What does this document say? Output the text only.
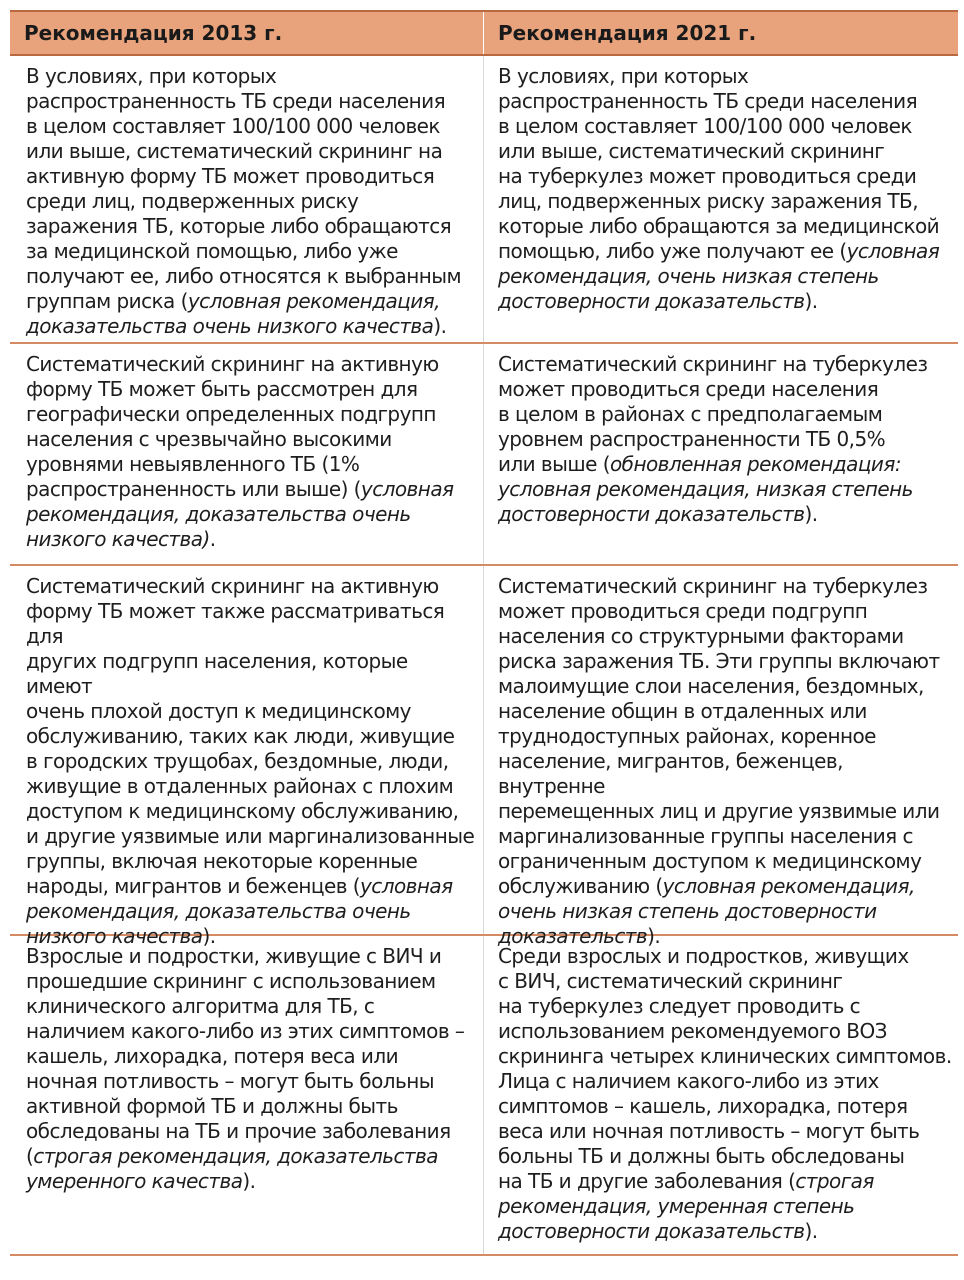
Рекомендация 2013 г.	Рекомендация 2021 г.
В условиях, при которых
распространенность ТБ среди населения
в целом составляет 100/100 000 человек
или выше, систематический скрининг на
активную форму ТБ может проводиться
среди лиц, подверженных риску
заражения ТБ, которые либо обращаются
за медицинской помощью, либо уже
получают ее, либо относятся к выбранным
группам риска (условная рекомендация,
доказательства очень низкого качества).
В условиях, при которых
распространенность ТБ среди населения
в целом составляет 100/100 000 человек
или выше, систематический скрининг
на туберкулез может проводиться среди
лиц, подверженных риску заражения ТБ,
которые либо обращаются за медицинской
помощью, либо уже получают ее (условная
рекомендация, очень низкая степень
достоверности доказательств).
Систематический скрининг на активную
форму ТБ может быть рассмотрен для
географически определенных подгрупп
населения с чрезвычайно высокими
уровнями невыявленного ТБ (1%
распространенность или выше) (условная
рекомендация, доказательства очень
низкого качества).
Систематический скрининг на туберкулез
может проводиться среди населения
в целом в районах с предполагаемым
уровнем распространенности ТБ 0,5%
или выше (обновленная рекомендация:
условная рекомендация, низкая степень
достоверности доказательств).
Систематический скрининг на активную
форму ТБ может также рассматриваться для
других подгрупп населения, которые имеют
очень плохой доступ к медицинскому
обслуживанию, таких как люди, живущие
в городских трущобах, бездомные, люди,
живущие в отдаленных районах с плохим
доступом к медицинскому обслуживанию,
и другие уязвимые или маргинализованные
группы, включая некоторые коренные
народы, мигрантов и беженцев (условная
рекомендация, доказательства очень
низкого качества).
Систематический скрининг на туберкулез
может проводиться среди подгрупп
населения со структурными факторами
риска заражения ТБ. Эти группы включают
малоимущие слои населения, бездомных,
население общин в отдаленных или
труднодоступных районах, коренное
население, мигрантов, беженцев, внутренне
перемещенных лиц и другие уязвимые или
маргинализованные группы населения с
ограниченным доступом к медицинскому
обслуживанию (условная рекомендация,
очень низкая степень достоверности
доказательств).
Взрослые и подростки, живущие с ВИЧ и
прошедшие скрининг с использованием
клинического алгоритма для ТБ, с
наличием какого-либо из этих симптомов –
кашель, лихорадка, потеря веса или
ночная потливость – могут быть больны
активной формой ТБ и должны быть
обследованы на ТБ и прочие заболевания
(строгая рекомендация, доказательства
умеренного качества).
Среди взрослых и подростков, живущих
с ВИЧ, систематический скрининг
на туберкулез следует проводить с
использованием рекомендуемого ВОЗ
скрининга четырех клинических симптомов.
Лица с наличием какого-либо из этих
симптомов – кашель, лихорадка, потеря
веса или ночная потливость – могут быть
больны ТБ и должны быть обследованы
на ТБ и другие заболевания (строгая
рекомендация, умеренная степень
достоверности доказательств).
